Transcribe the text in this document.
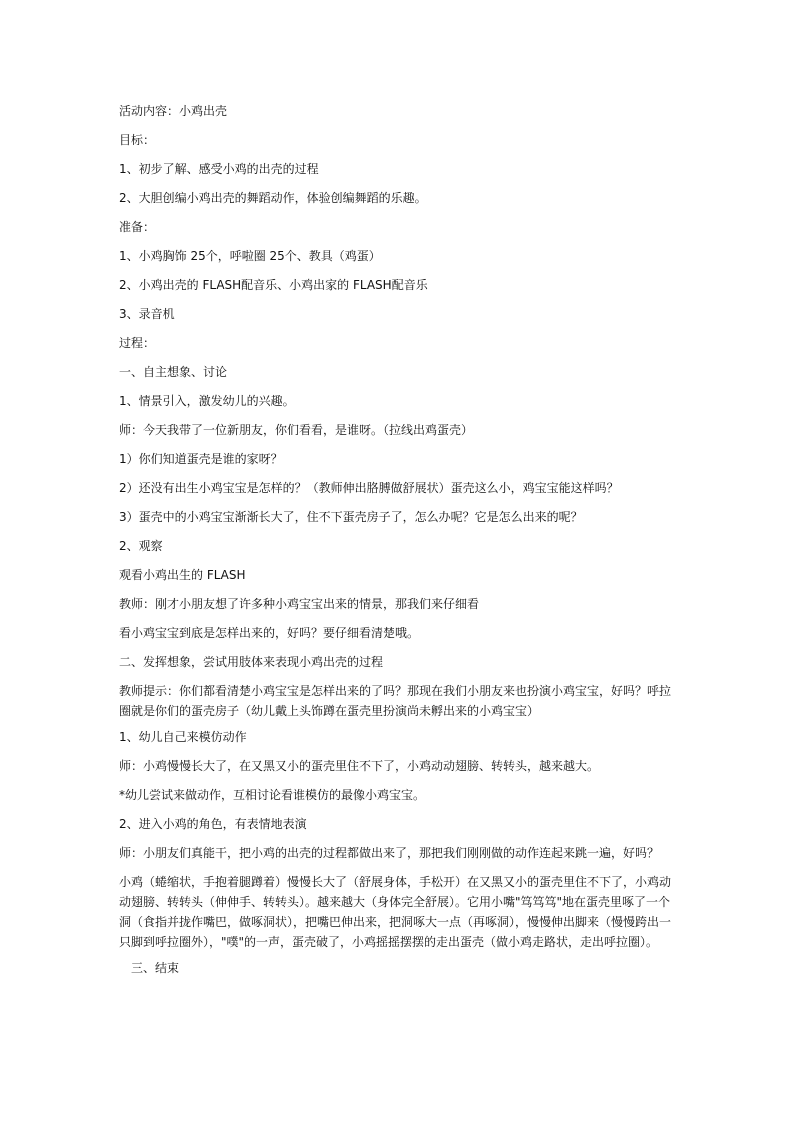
活动内容：小鸡出壳
目标：
1、初步了解、感受小鸡的出壳的过程
2、大胆创编小鸡出壳的舞蹈动作，体验创编舞蹈的乐趣。
准备：
1、小鸡胸饰 25个，呼啦圈 25个、教具（鸡蛋）
2、小鸡出壳的 FLASH配音乐、小鸡出家的 FLASH配音乐
3、录音机
过程：
一、自主想象、讨论
1、情景引入，激发幼儿的兴趣。
师：今天我带了一位新朋友，你们看看，是谁呀。（拉线出鸡蛋壳）
1）你们知道蛋壳是谁的家呀？
2）还没有出生小鸡宝宝是怎样的？（教师伸出胳膊做舒展状）蛋壳这么小，鸡宝宝能这样吗？
3）蛋壳中的小鸡宝宝渐渐长大了，住不下蛋壳房子了，怎么办呢？它是怎么出来的呢？
2、观察
观看小鸡出生的 FLASH
教师：刚才小朋友想了许多种小鸡宝宝出来的情景，那我们来仔细看
看小鸡宝宝到底是怎样出来的，好吗？要仔细看清楚哦。
二、发挥想象，尝试用肢体来表现小鸡出壳的过程
教师提示：你们都看清楚小鸡宝宝是怎样出来的了吗？那现在我们小朋友来也扮演小鸡宝宝，好吗？呼拉圈就是你们的蛋壳房子（幼儿戴上头饰蹲在蛋壳里扮演尚未孵出来的小鸡宝宝）
1、幼儿自己来模仿动作
师：小鸡慢慢长大了，在又黑又小的蛋壳里住不下了，小鸡动动翅膀、转转头，越来越大。
*幼儿尝试来做动作，互相讨论看谁模仿的最像小鸡宝宝。
2、进入小鸡的角色，有表情地表演
师：小朋友们真能干，把小鸡的出壳的过程都做出来了，那把我们刚刚做的动作连起来跳一遍，好吗？
小鸡（蜷缩状，手抱着腿蹲着）慢慢长大了（舒展身体，手松开）在又黑又小的蛋壳里住不下了，小鸡动动翅膀、转转头（伸伸手、转转头）。越来越大（身体完全舒展）。它用小嘴"笃笃笃"地在蛋壳里啄了一个洞（食指并拢作嘴巴，做啄洞状），把嘴巴伸出来，把洞啄大一点（再啄洞），慢慢伸出脚来（慢慢跨出一只脚到呼拉圈外），"噗"的一声，蛋壳破了，小鸡摇摇摆摆的走出蛋壳（做小鸡走路状，走出呼拉圈）。
三、结束
